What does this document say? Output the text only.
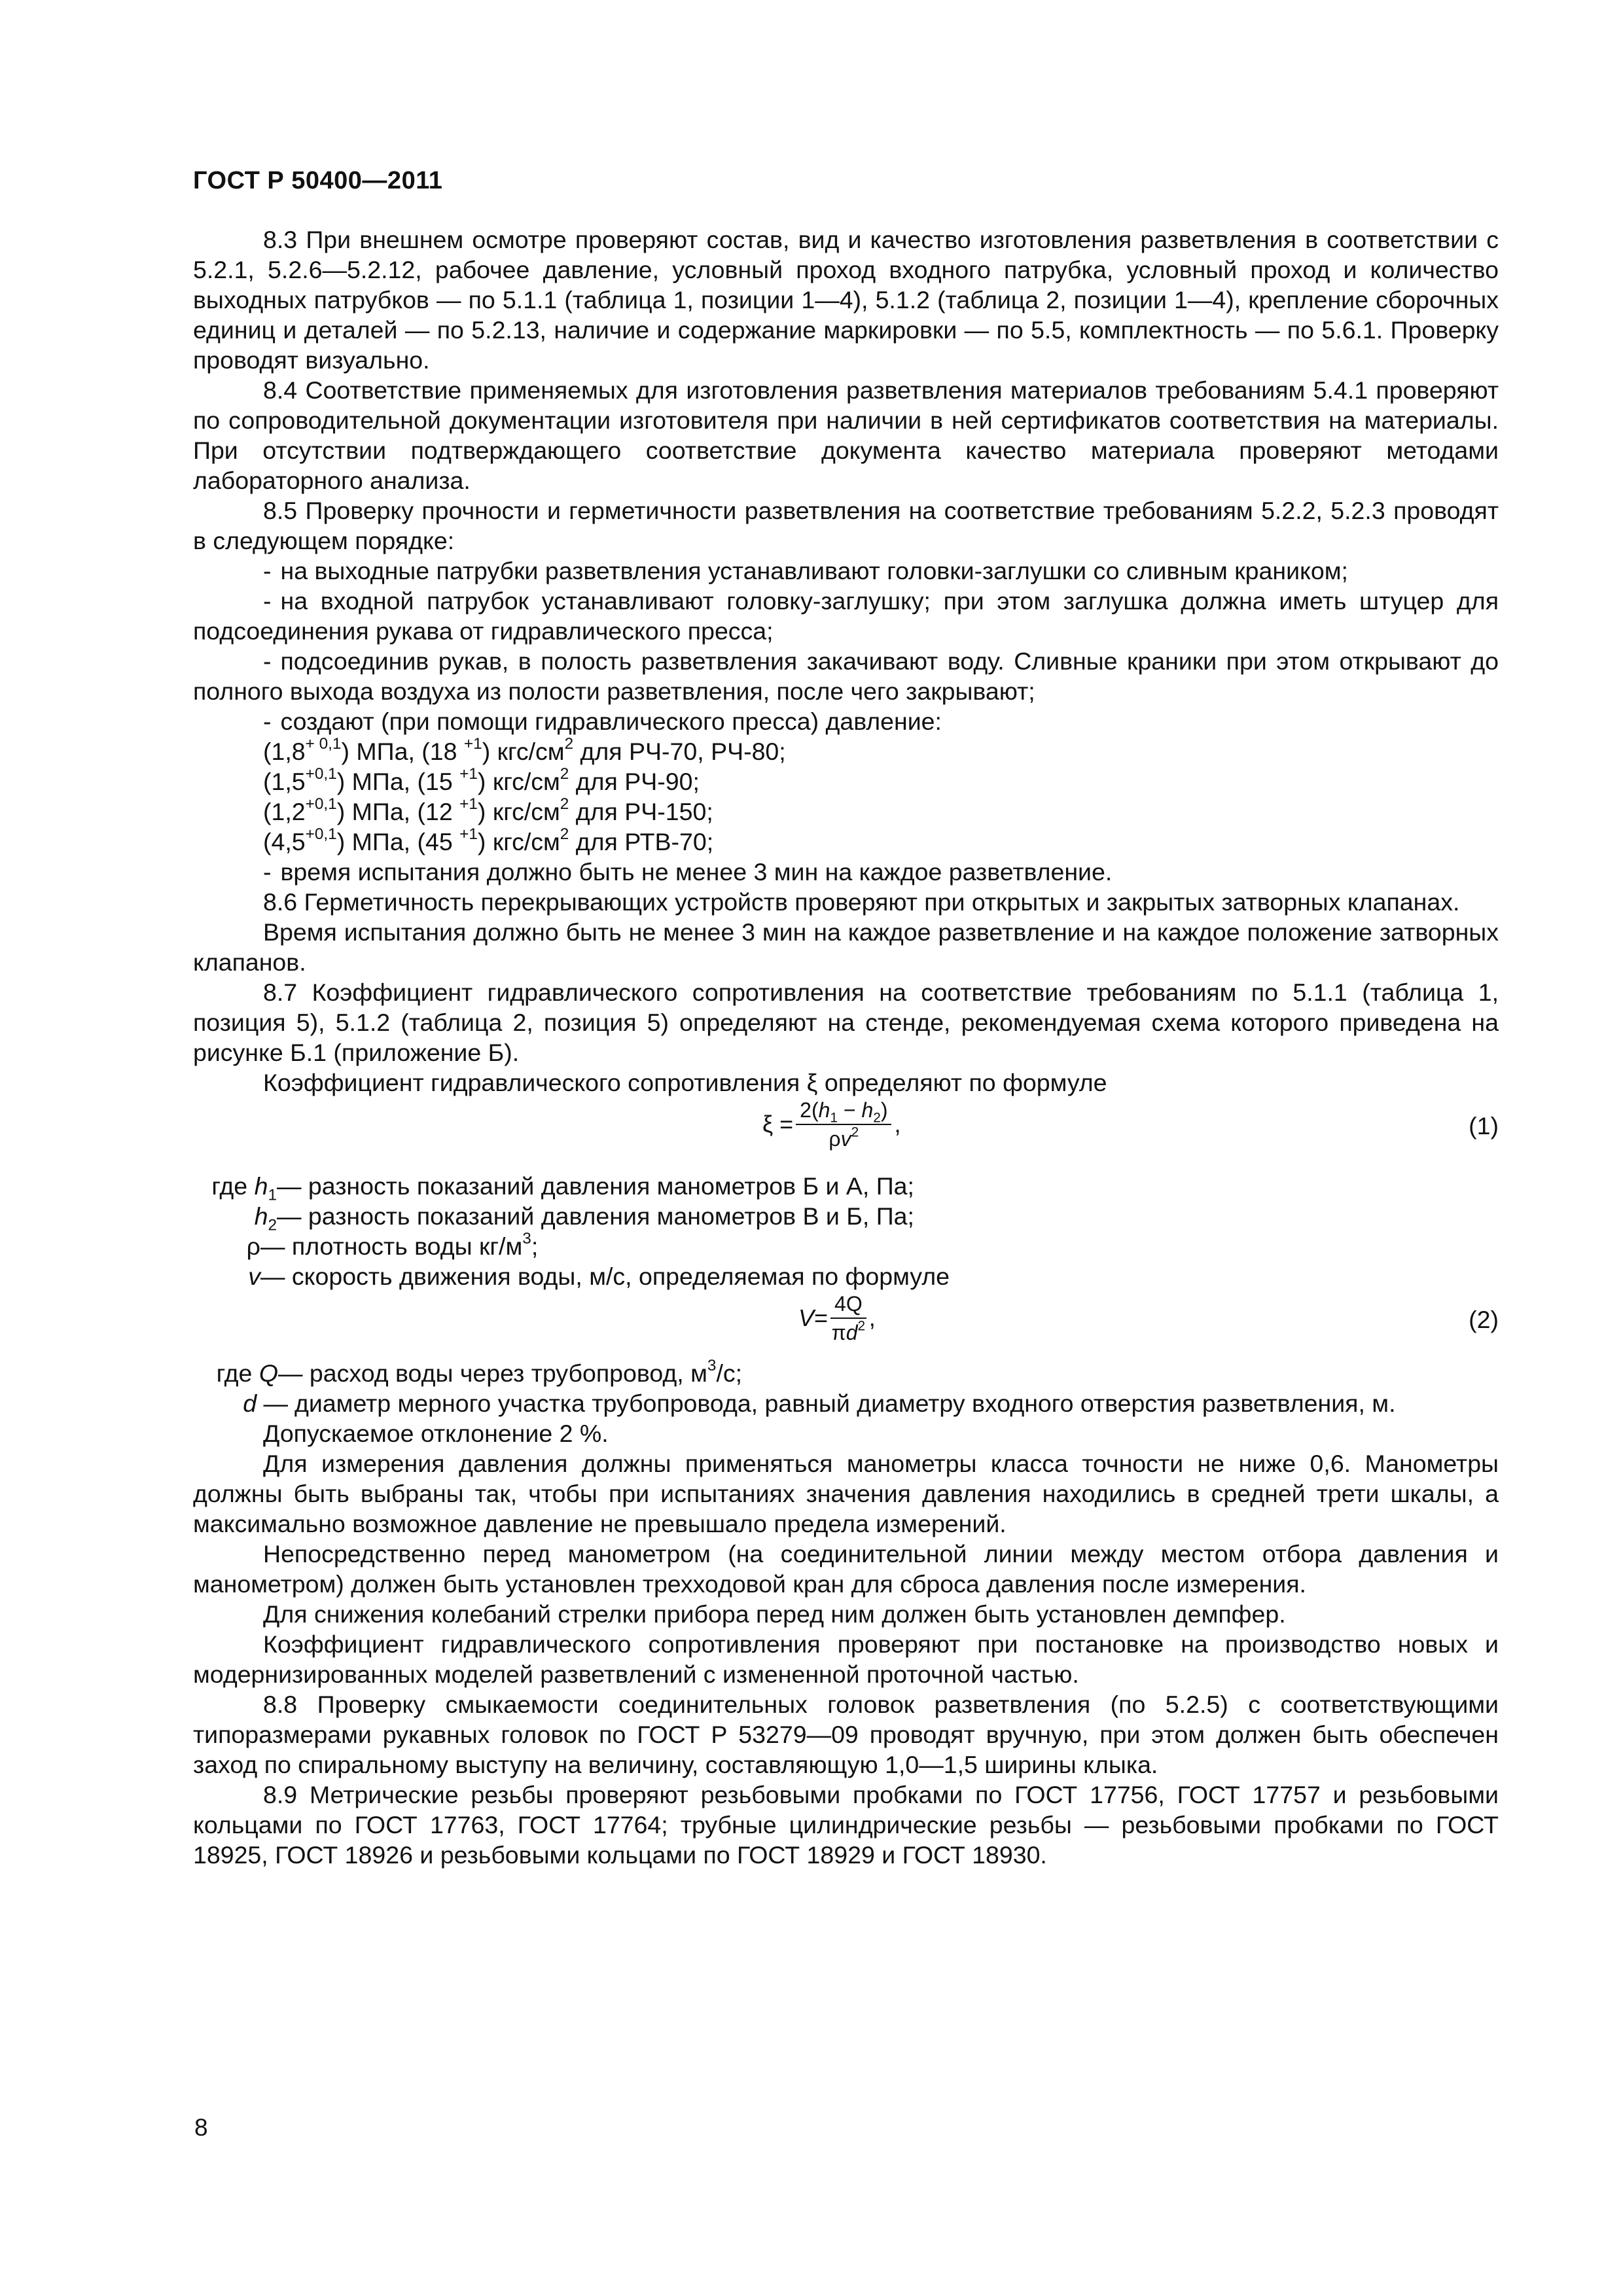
ГОСТ Р 50400—2011

8.3 При внешнем осмотре проверяют состав, вид и качество изготовления разветвления в соответствии с 5.2.1, 5.2.6—5.2.12, рабочее давление, условный проход входного патрубка, условный проход и количество выходных патрубков — по 5.1.1 (таблица 1, позиции 1—4), 5.1.2 (таблица 2, позиции 1—4), крепление сборочных единиц и деталей — по 5.2.13, наличие и содержание маркировки — по 5.5, комплектность — по 5.6.1. Проверку проводят визуально.

8.4 Соответствие применяемых для изготовления разветвления материалов требованиям 5.4.1 проверяют по сопроводительной документации изготовителя при наличии в ней сертификатов соответствия на материалы. При отсутствии подтверждающего соответствие документа качество материала проверяют методами лабораторного анализа.

8.5 Проверку прочности и герметичности разветвления на соответствие требованиям 5.2.2, 5.2.3 проводят в следующем порядке:

- на выходные патрубки разветвления устанавливают головки-заглушки со сливным краником;

- на входной патрубок устанавливают головку-заглушку; при этом заглушка должна иметь штуцер для подсоединения рукава от гидравлического пресса;

- подсоединив рукав, в полость разветвления закачивают воду. Сливные краники при этом открывают до полного выхода воздуха из полости разветвления, после чего закрывают;

- создают (при помощи гидравлического пресса) давление:

$(1,8^{+ 0,1})$ МПа, (18 $^{+1}$) кгс/$см^2$ для РЧ-70, РЧ-80;

$(1,5^{+0,1})$ МПа, (15 $^{+1}$) кгс/$см^2$ для РЧ-90;

$(1,2^{+0,1})$ МПа, (12 $^{+1}$) кгс/$см^2$ для РЧ-150;

$(4,5^{+0,1})$ МПа, (45 $^{+1}$) кгс/$см^2$ для РТВ-70;

- время испытания должно быть не менее 3 мин на каждое разветвление.

8.6 Герметичность перекрывающих устройств проверяют при открытых и закрытых затворных клапанах.

Время испытания должно быть не менее 3 мин на каждое разветвление и на каждое положение затворных клапанов.

8.7 Коэффициент гидравлического сопротивления на соответствие требованиям по 5.1.1 (таблица 1, позиция 5), 5.1.2 (таблица 2, позиция 5) определяют на стенде, рекомендуемая схема которого приведена на рисунке Б.1 (приложение Б).

Коэффициент гидравлического сопротивления ξ определяют по формуле

$\xi = \frac{2(h_1 - h_2)}{\rho v^2}$ ,	(1)

где $h_1$ — разность показаний давления манометров Б и А, Па;

$h_2$ — разность показаний давления манометров В и Б, Па;

ρ — плотность воды $кг/м^3$;

v — скорость движения воды, м/с, определяемая по формуле

$V = \frac{4Q}{\pi d^2}$ ,	(2)

где Q — расход воды через трубопровод, $м^3/с$;

d — диаметр мерного участка трубопровода, равный диаметру входного отверстия разветвления, м.

Допускаемое отклонение 2 %.

Для измерения давления должны применяться манометры класса точности не ниже 0,6. Манометры должны быть выбраны так, чтобы при испытаниях значения давления находились в средней трети шкалы, а максимально возможное давление не превышало предела измерений.

Непосредственно перед манометром (на соединительной линии между местом отбора давления и манометром) должен быть установлен трехходовой кран для сброса давления после измерения.

Для снижения колебаний стрелки прибора перед ним должен быть установлен демпфер.

Коэффициент гидравлического сопротивления проверяют при постановке на производство новых и модернизированных моделей разветвлений с измененной проточной частью.

8.8 Проверку смыкаемости соединительных головок разветвления (по 5.2.5) с соответствующими типоразмерами рукавных головок по ГОСТ Р 53279—09 проводят вручную, при этом должен быть обеспечен заход по спиральному выступу на величину, составляющую 1,0—1,5 ширины клыка.

8.9 Метрические резьбы проверяют резьбовыми пробками по ГОСТ 17756, ГОСТ 17757 и резьбовыми кольцами по ГОСТ 17763, ГОСТ 17764; трубные цилиндрические резьбы — резьбовыми пробками по ГОСТ 18925, ГОСТ 18926 и резьбовыми кольцами по ГОСТ 18929 и ГОСТ 18930.

8
